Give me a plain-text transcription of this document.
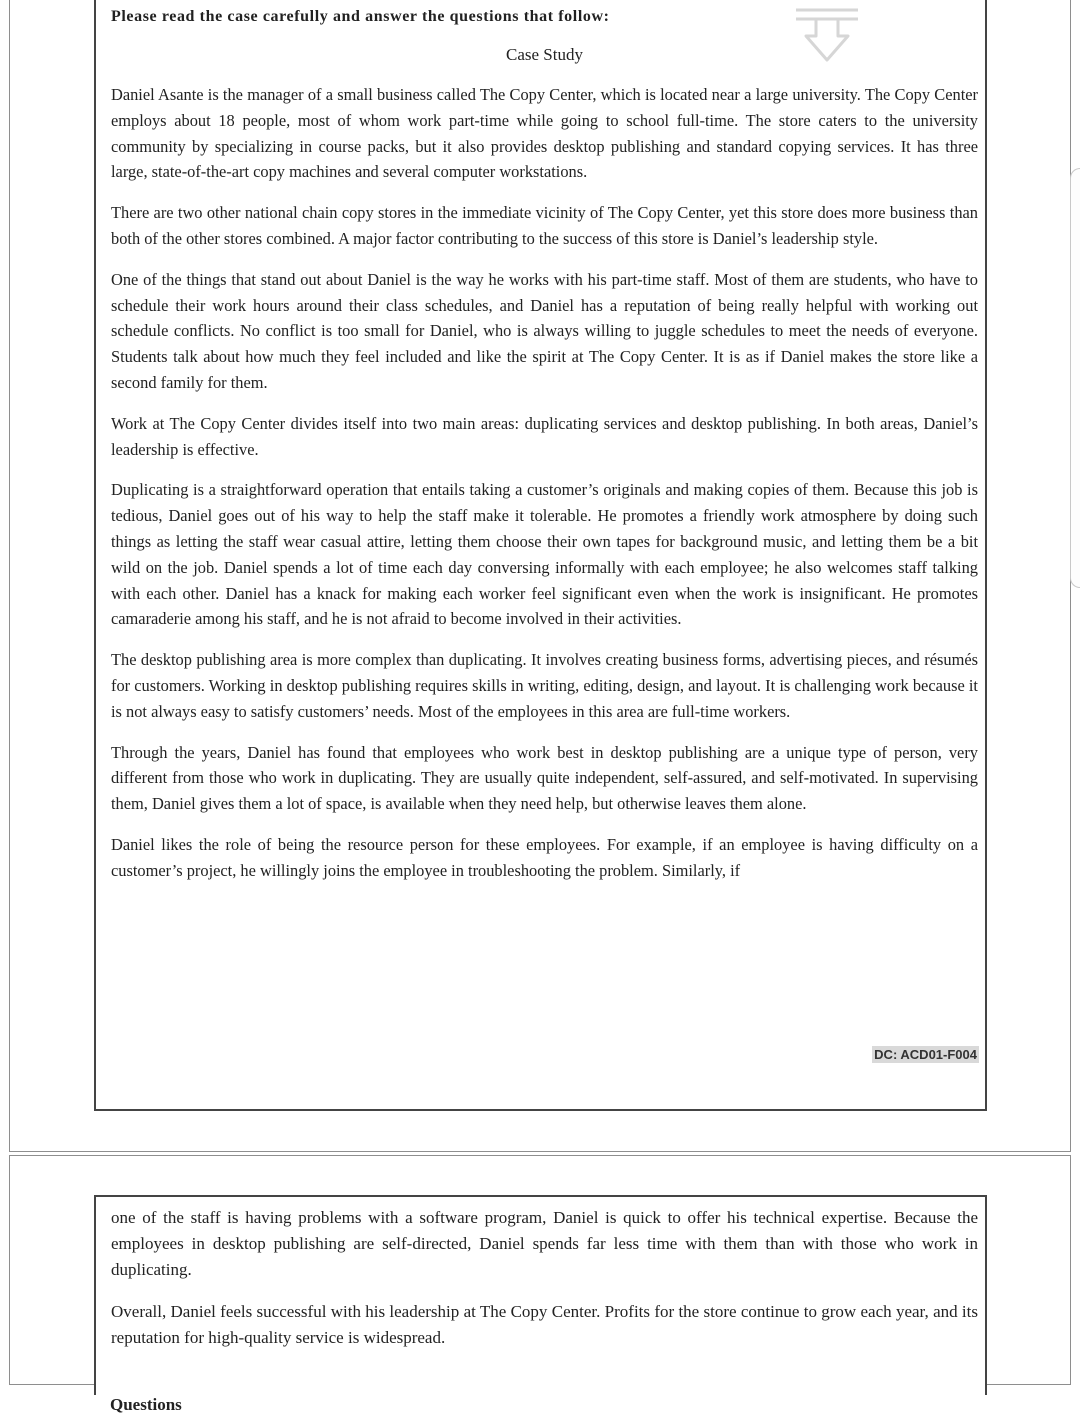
Please read the case carefully and answer the questions that follow:

Case Study

Daniel Asante is the manager of a small business called The Copy Center, which is located near a large university. The Copy Center employs about 18 people, most of whom work part-time while going to school full-time. The store caters to the university community by specializing in course packs, but it also provides desktop publishing and standard copying services. It has three large, state-of-the-art copy machines and several computer workstations.

There are two other national chain copy stores in the immediate vicinity of The Copy Center, yet this store does more business than both of the other stores combined. A major factor contributing to the success of this store is Daniel’s leadership style.

One of the things that stand out about Daniel is the way he works with his part-time staff. Most of them are students, who have to schedule their work hours around their class schedules, and Daniel has a reputation of being really helpful with working out schedule conflicts. No conflict is too small for Daniel, who is always willing to juggle schedules to meet the needs of everyone. Students talk about how much they feel included and like the spirit at The Copy Center. It is as if Daniel makes the store like a second family for them.

Work at The Copy Center divides itself into two main areas: duplicating services and desktop publishing. In both areas, Daniel’s leadership is effective.

Duplicating is a straightforward operation that entails taking a customer’s originals and making copies of them. Because this job is tedious, Daniel goes out of his way to help the staff make it tolerable. He promotes a friendly work atmosphere by doing such things as letting the staff wear casual attire, letting them choose their own tapes for background music, and letting them be a bit wild on the job. Daniel spends a lot of time each day conversing informally with each employee; he also welcomes staff talking with each other. Daniel has a knack for making each worker feel significant even when the work is insignificant. He promotes camaraderie among his staff, and he is not afraid to become involved in their activities.

The desktop publishing area is more complex than duplicating. It involves creating business forms, advertising pieces, and résumés for customers. Working in desktop publishing requires skills in writing, editing, design, and layout. It is challenging work because it is not always easy to satisfy customers’ needs. Most of the employees in this area are full-time workers.

Through the years, Daniel has found that employees who work best in desktop publishing are a unique type of person, very different from those who work in duplicating. They are usually quite independent, self-assured, and self-motivated. In supervising them, Daniel gives them a lot of space, is available when they need help, but otherwise leaves them alone.

Daniel likes the role of being the resource person for these employees. For example, if an employee is having difficulty on a customer’s project, he willingly joins the employee in troubleshooting the problem. Similarly, if

DC: ACD01-F004

one of the staff is having problems with a software program, Daniel is quick to offer his technical expertise. Because the employees in desktop publishing are self-directed, Daniel spends far less time with them than with those who work in duplicating.

Overall, Daniel feels successful with his leadership at The Copy Center. Profits for the store continue to grow each year, and its reputation for high-quality service is widespread.

Questions
